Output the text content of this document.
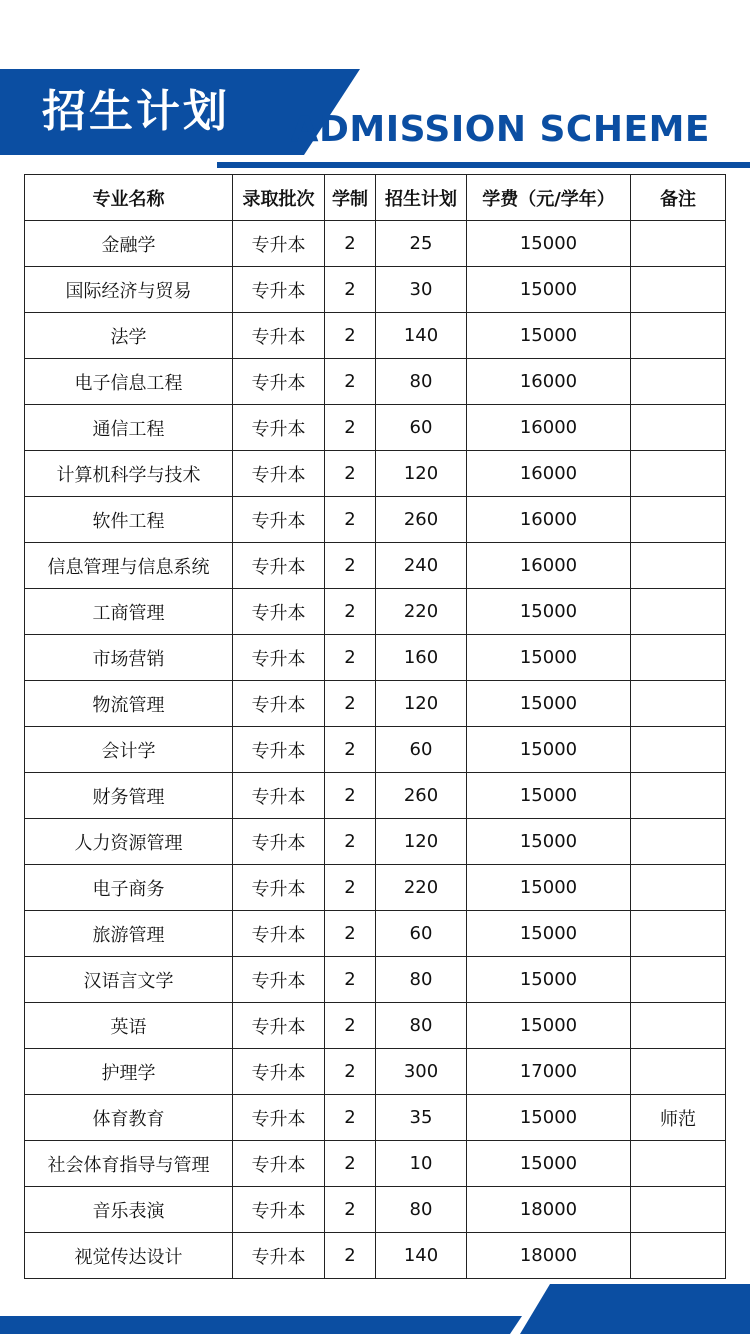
招生计划 ADMISSION SCHEME
专业名称	录取批次	学制	招生计划	学费（元/学年）	备注
金融学	专升本	2	25	15000	
国际经济与贸易	专升本	2	30	15000	
法学	专升本	2	140	15000	
电子信息工程	专升本	2	80	16000	
通信工程	专升本	2	60	16000	
计算机科学与技术	专升本	2	120	16000	
软件工程	专升本	2	260	16000	
信息管理与信息系统	专升本	2	240	16000	
工商管理	专升本	2	220	15000	
市场营销	专升本	2	160	15000	
物流管理	专升本	2	120	15000	
会计学	专升本	2	60	15000	
财务管理	专升本	2	260	15000	
人力资源管理	专升本	2	120	15000	
电子商务	专升本	2	220	15000	
旅游管理	专升本	2	60	15000	
汉语言文学	专升本	2	80	15000	
英语	专升本	2	80	15000	
护理学	专升本	2	300	17000	
体育教育	专升本	2	35	15000	师范
社会体育指导与管理	专升本	2	10	15000	
音乐表演	专升本	2	80	18000	
视觉传达设计	专升本	2	140	18000	
